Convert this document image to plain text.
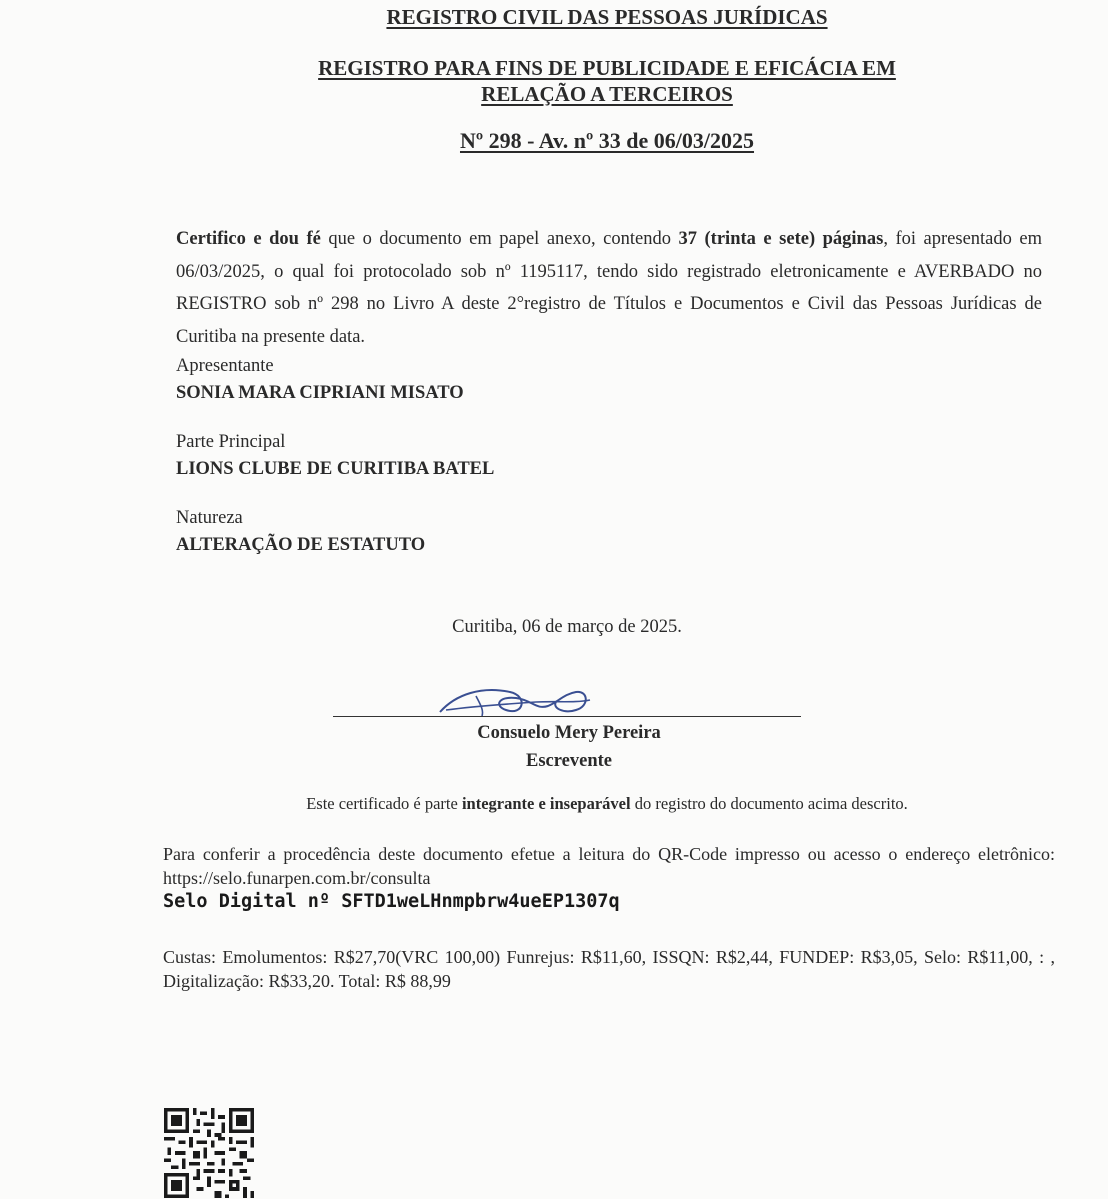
REGISTRO CIVIL DAS PESSOAS JURÍDICAS
REGISTRO PARA FINS DE PUBLICIDADE E EFICÁCIA EM
RELAÇÃO A TERCEIROS
Nº 298 - Av. nº 33 de 06/03/2025
Certifico e dou fé que o documento em papel anexo, contendo 37 (trinta e sete) páginas, foi apresentado em 06/03/2025, o qual foi protocolado sob nº 1195117, tendo sido registrado eletronicamente e AVERBADO no REGISTRO sob nº 298 no Livro A deste 2°registro de Títulos e Documentos e Civil das Pessoas Jurídicas de Curitiba na presente data.
Apresentante
SONIA MARA CIPRIANI MISATO
Parte Principal
LIONS CLUBE DE CURITIBA BATEL
Natureza
ALTERAÇÃO DE ESTATUTO
Curitiba, 06 de março de 2025.
Consuelo Mery Pereira
Escrevente
Este certificado é parte integrante e inseparável do registro do documento acima descrito.
Para conferir a procedência deste documento efetue a leitura do QR-Code impresso ou acesso o endereço eletrônico: https://selo.funarpen.com.br/consulta
Selo Digital nº SFTD1weLHnmpbrw4ueEP1307q
Custas: Emolumentos: R$27,70(VRC 100,00) Funrejus: R$11,60, ISSQN: R$2,44, FUNDEP: R$3,05, Selo: R$11,00, : , Digitalização: R$33,20. Total: R$ 88,99
